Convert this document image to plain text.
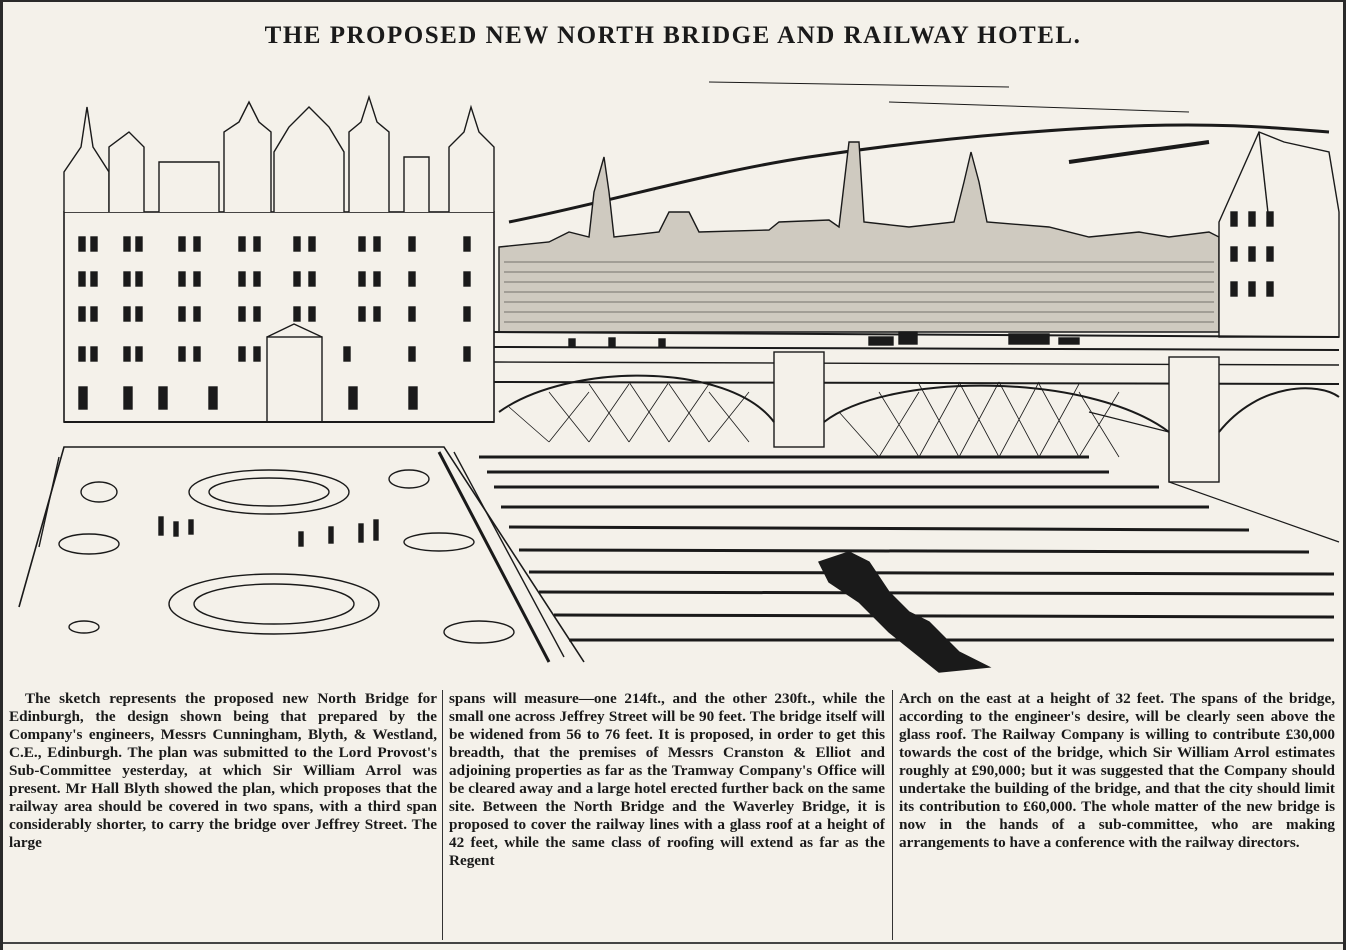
THE PROPOSED NEW NORTH BRIDGE AND RAILWAY HOTEL.
The sketch represents the proposed new North Bridge for Edinburgh, the design shown being that prepared by the Company's engineers, Messrs Cunningham, Blyth, & Westland, C.E., Edinburgh. The plan was submitted to the Lord Provost's Sub-Committee yesterday, at which Sir William Arrol was present. Mr Hall Blyth showed the plan, which proposes that the railway area should be covered in two spans, with a third span considerably shorter, to carry the bridge over Jeffrey Street. The large
spans will measure—one 214ft., and the other 230ft., while the small one across Jeffrey Street will be 90 feet. The bridge itself will be widened from 56 to 76 feet. It is proposed, in order to get this breadth, that the premises of Messrs Cranston & Elliot and adjoining properties as far as the Tramway Company's Office will be cleared away and a large hotel erected further back on the same site. Between the North Bridge and the Waverley Bridge, it is proposed to cover the railway lines with a glass roof at a height of 42 feet, while the same class of roofing will extend as far as the Regent
Arch on the east at a height of 32 feet. The spans of the bridge, according to the engineer's desire, will be clearly seen above the glass roof. The Railway Company is willing to contribute £30,000 towards the cost of the bridge, which Sir William Arrol estimates roughly at £90,000; but it was suggested that the Company should undertake the building of the bridge, and that the city should limit its contribution to £60,000. The whole matter of the new bridge is now in the hands of a sub-committee, who are making arrangements to have a conference with the railway directors.
